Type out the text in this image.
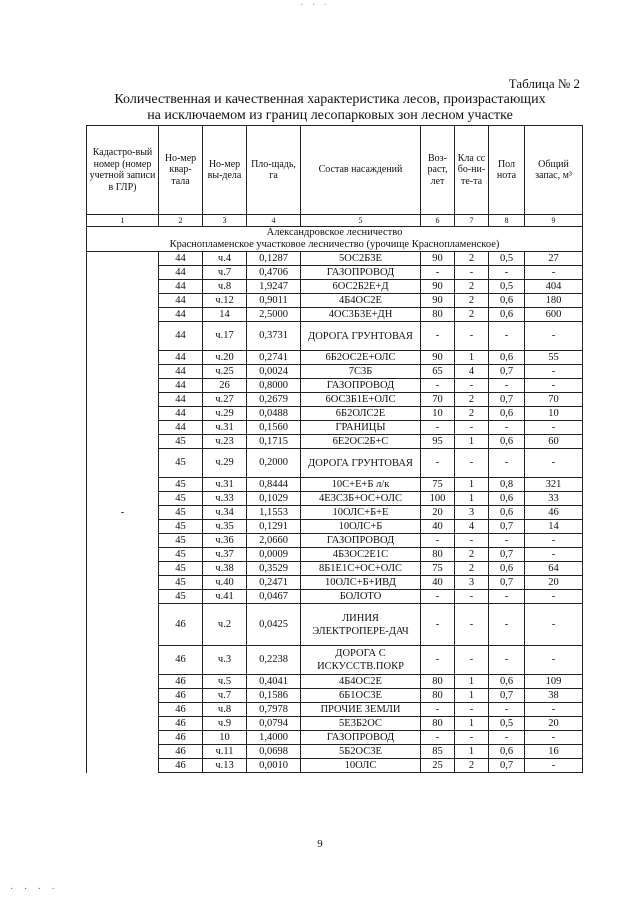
· · ·
Таблица № 2
Количественная и качественная характеристика лесов, произрастающих
на исключаемом из границ лесопарковых зон лесном участке
Кадастро-вый номер (номер учетной записи в ГЛР)	Но-мер квар-тала	Но-мер вы-дела	Пло-щадь, га	Состав насаждений	Воз-раст, лет	Кла сс бо-ни-те-та	Пол нота	Общий запас, м³
1	2	3	4	5	6	7	8	9

Александровское лесничество
Краснопламенское участковое лесничество (урочище Краснопламенское)								

	44	ч.4	0,1287	5ОС2Б3Е	90	2	0,5	27
	44	ч.7	0,4706	ГАЗОПРОВОД	-	-	-	-
	44	ч.8	1,9247	6ОС2Б2Е+Д	90	2	0,5	404
	44	ч.12	0,9011	4Б4ОС2Е	90	2	0,6	180
	44	14	2,5000	4ОС3Б3Е+ДН	80	2	0,6	600
	44	ч.17	0,3731	ДОРОГА ГРУНТОВАЯ	-	-	-	-
	44	ч.20	0,2741	6Б2ОС2Е+ОЛС	90	1	0,6	55
	44	ч.25	0,0024	7С3Б	65	4	0,7	-
	44	26	0,8000	ГАЗОПРОВОД	-	-	-	-
	44	ч.27	0,2679	6ОС3Б1Е+ОЛС	70	2	0,7	70
	44	ч.29	0,0488	6Б2ОЛС2Е	10	2	0,6	10
	44	ч.31	0,1560	ГРАНИЦЫ	-	-	-	-
	45	ч.23	0,1715	6Е2ОС2Б+С	95	1	0,6	60
	45	ч.29	0,2000	ДОРОГА ГРУНТОВАЯ	-	-	-	-
	45	ч.31	0,8444	10С+Е+Б л/к	75	1	0,8	321
	45	ч.33	0,1029	4Е3С3Б+ОС+ОЛС	100	1	0,6	33
-	45	ч.34	1,1553	10ОЛС+Б+Е	20	3	0,6	46
	45	ч.35	0,1291	10ОЛС+Б	40	4	0,7	14
	45	ч.36	2,0660	ГАЗОПРОВОД	-	-	-	-
	45	ч.37	0,0009	4Б3ОС2Е1С	80	2	0,7	-
	45	ч.38	0,3529	8Б1Е1С+ОС+ОЛС	75	2	0,6	64
	45	ч.40	0,2471	10ОЛС+Б+ИВД	40	3	0,7	20
	45	ч.41	0,0467	БОЛОТО	-	-	-	-
	46	ч.2	0,0425	ЛИНИЯ ЭЛЕКТРОПЕРЕ-ДАЧ	-	-	-	-
	46	ч.3	0,2238	ДОРОГА С ИСКУССТВ.ПОКР	-	-	-	-
	46	ч.5	0,4041	4Б4ОС2Е	80	1	0,6	109
	46	ч.7	0,1586	6Б1ОС3Е	80	1	0,7	38
	46	ч.8	0,7978	ПРОЧИЕ ЗЕМЛИ	-	-	-	-
	46	ч.9	0,0794	5Е3Б2ОС	80	1	0,5	20
	46	10	1,4000	ГАЗОПРОВОД	-	-	-	-
	46	ч.11	0,0698	5Б2ОС3Е	85	1	0,6	16
	46	ч.13	0,0010	10ОЛС	25	2	0,7	-
9
· · · ·
